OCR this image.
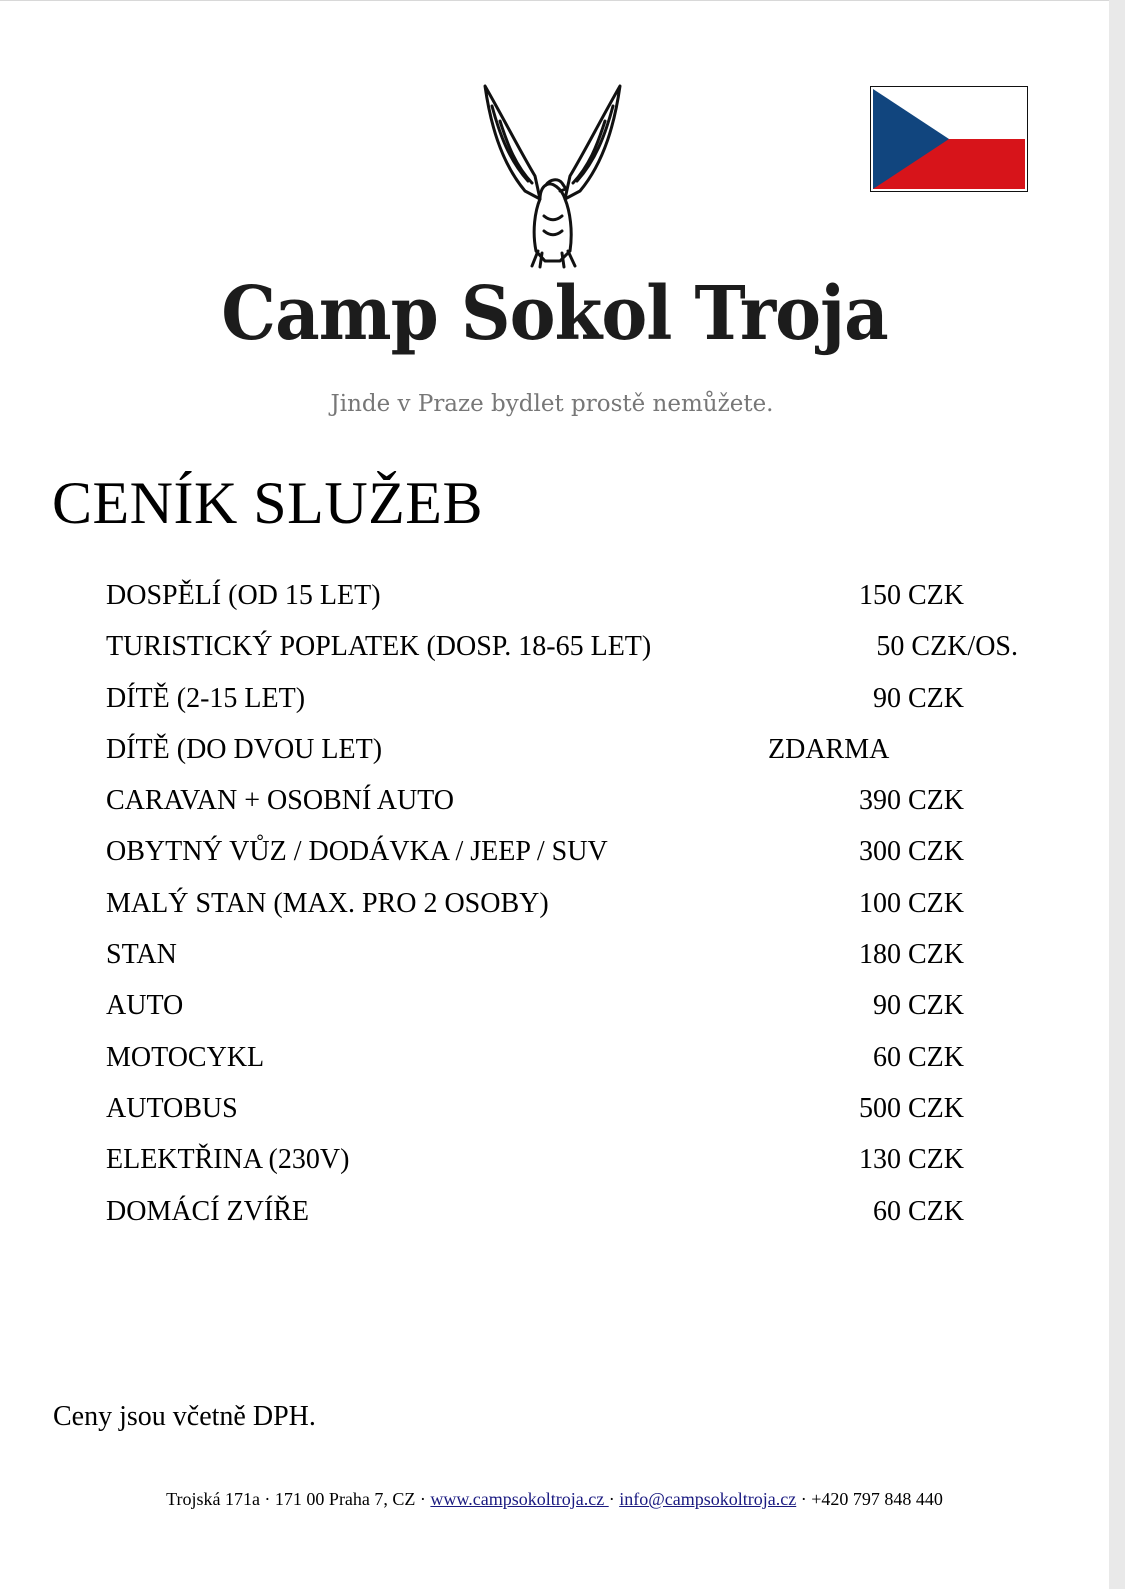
Camp Sokol Troja
Jinde v Praze bydlet prostě nemůžete.
CENÍK SLUŽEB
DOSPĚLÍ (OD 15 LET)	150 CZK
TURISTICKÝ POPLATEK (DOSP. 18-65 LET)	50 CZK/OS.
DÍTĚ (2-15 LET)	90 CZK
DÍTĚ (DO DVOU LET)	ZDARMA
CARAVAN + OSOBNÍ AUTO	390 CZK
OBYTNÝ VŮZ / DODÁVKA / JEEP / SUV	300 CZK
MALÝ STAN (MAX. PRO 2 OSOBY)	100 CZK
STAN	180 CZK
AUTO	90 CZK
MOTOCYKL	60 CZK
AUTOBUS	500 CZK
ELEKTŘINA (230V)	130 CZK
DOMÁCÍ ZVÍŘE	60 CZK
Ceny jsou včetně DPH.
Trojská 171a · 171 00 Praha 7, CZ · www.campsokoltroja.cz · info@campsokoltroja.cz · +420 797 848 440
